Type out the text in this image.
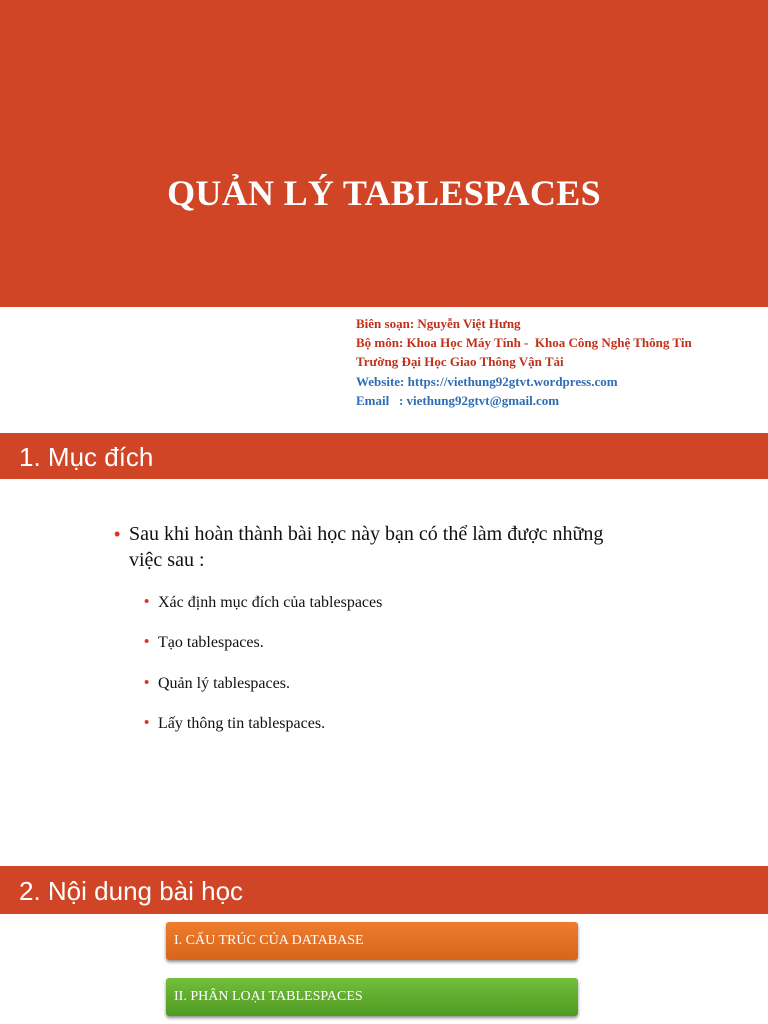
QUẢN LÝ TABLESPACES
Biên soạn: Nguyễn Việt Hưng
Bộ môn: Khoa Học Máy Tính -  Khoa Công Nghệ Thông Tin
Trường Đại Học Giao Thông Vận Tải
Website: https://viethung92gtvt.wordpress.com
Email   : viethung92gtvt@gmail.com
1. Mục đích
• Sau khi hoàn thành bài học này bạn có thể làm được những việc sau :
• Xác định mục đích của tablespaces
• Tạo tablespaces.
• Quản lý tablespaces.
• Lấy thông tin tablespaces.
2. Nội dung bài học
I. CẤU TRÚC CỦA DATABASE
II. PHÂN LOẠI TABLESPACES
